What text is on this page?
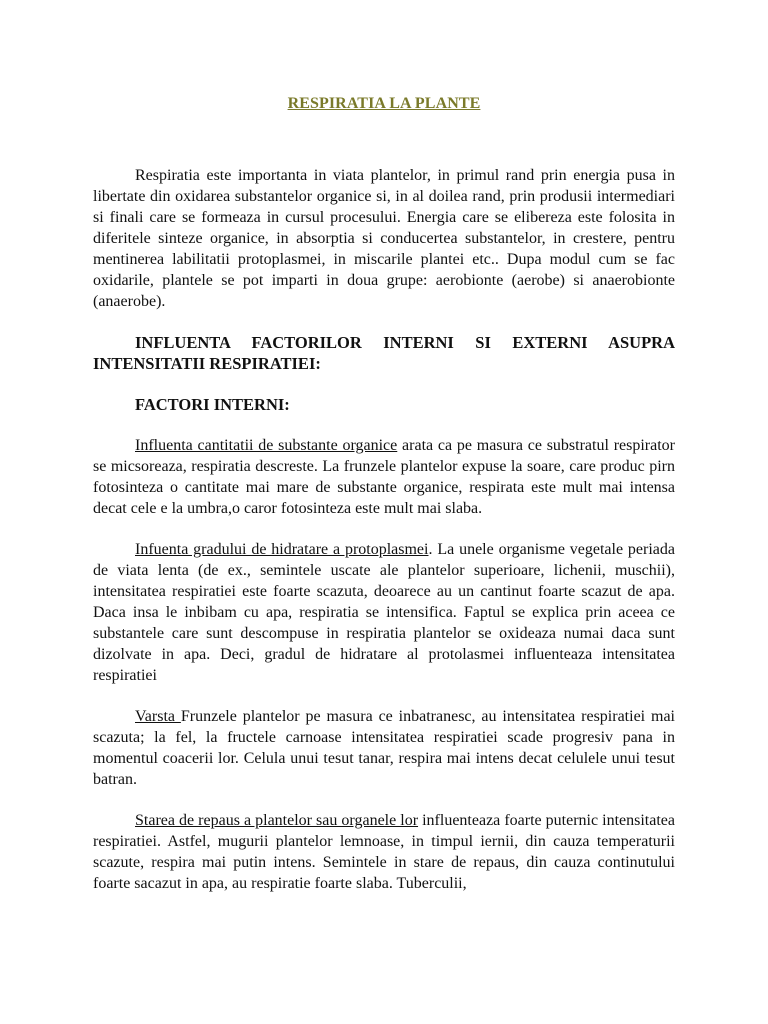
RESPIRATIA LA PLANTE

Respiratia este importanta in viata plantelor, in primul rand prin energia pusa in libertate din oxidarea substantelor organice si, in al doilea rand, prin produsii intermediari si finali care se formeaza in cursul procesului. Energia care se elibereza este folosita in diferitele sinteze organice, in absorptia si conducertea substantelor, in crestere, pentru mentinerea labilitatii protoplasmei, in miscarile plantei etc.. Dupa modul cum se fac oxidarile, plantele se pot imparti in doua grupe: aerobionte (aerobe) si anaerobionte (anaerobe).

INFLUENTA FACTORILOR INTERNI SI EXTERNI ASUPRA INTENSITATII RESPIRATIEI:

FACTORI INTERNI:

Influenta cantitatii de substante organice arata ca pe masura ce substratul respirator se micsoreaza, respiratia descreste. La frunzele plantelor expuse la soare, care produc pirn fotosinteza o cantitate mai mare de substante organice, respirata este mult mai intensa decat cele e la umbra,o caror fotosinteza este mult mai slaba.

Infuenta gradului de hidratare a protoplasmei. La unele organisme vegetale periada de viata lenta (de ex., semintele uscate ale plantelor superioare, lichenii, muschii), intensitatea respiratiei este foarte scazuta, deoarece au un cantinut foarte scazut de apa. Daca insa le inbibam cu apa, respiratia se intensifica. Faptul se explica prin aceea ce substantele care sunt descompuse in respiratia plantelor se oxideaza numai daca sunt dizolvate in apa. Deci, gradul de hidratare al protolasmei influenteaza intensitatea respiratiei

Varsta Frunzele plantelor pe masura ce inbatranesc, au intensitatea respiratiei mai scazuta; la fel, la fructele carnoase intensitatea respiratiei scade progresiv pana in momentul coacerii lor. Celula unui tesut tanar, respira mai intens decat celulele unui tesut batran.

Starea de repaus a plantelor sau organele lor influenteaza foarte puternic intensitatea respiratiei. Astfel, mugurii plantelor lemnoase, in timpul iernii, din cauza temperaturii scazute, respira mai putin intens. Semintele in stare de repaus, din cauza continutului foarte sacazut in apa, au respiratie foarte slaba. Tuberculii,
